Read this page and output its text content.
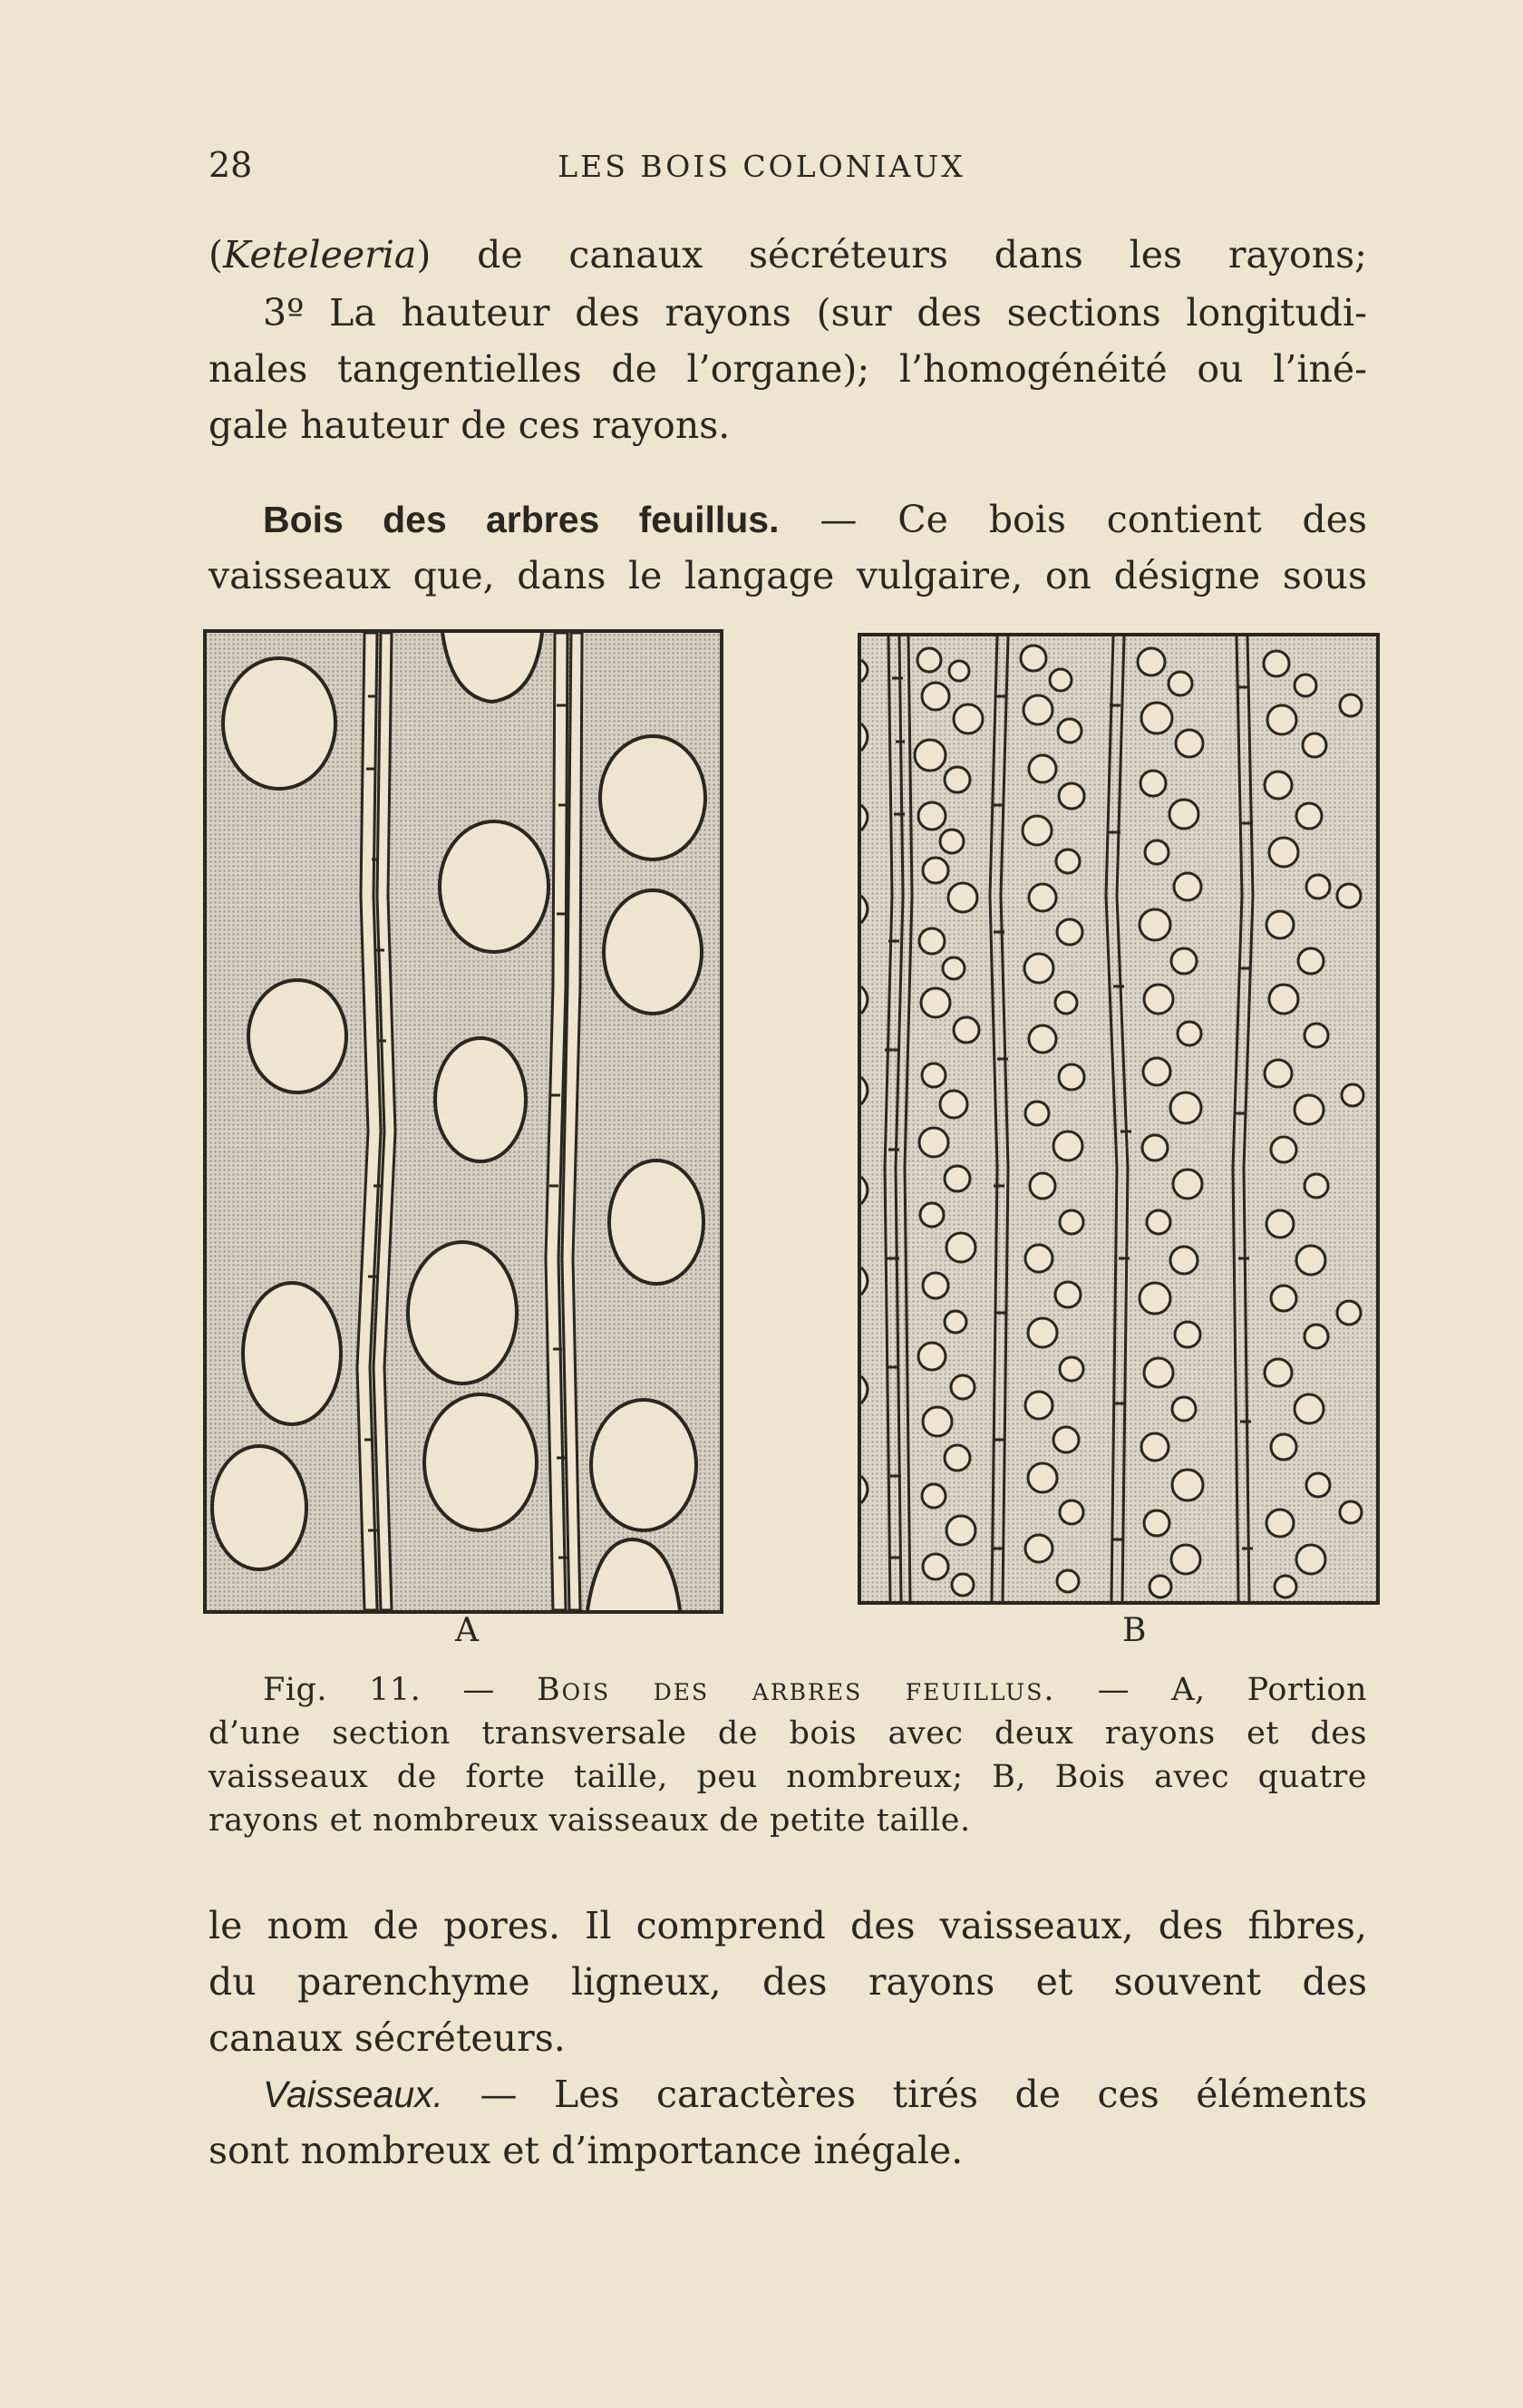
28	LES BOIS COLONIAUX

(Keteleeria) de canaux sécréteurs dans les rayons;

3º La hauteur des rayons (sur des sections longitudi-

nales tangentielles de l’organe); l’homogénéité ou l’iné-

gale hauteur de ces rayons.

Bois des arbres feuillus. — Ce bois contient des

vaisseaux que, dans le langage vulgaire, on désigne sous

A	B
Fig. 11. — Bois des arbres feuillus. — A, Portion
d’une section transversale de bois avec deux rayons et des
vaisseaux de forte taille, peu nombreux; B, Bois avec quatre
rayons et nombreux vaisseaux de petite taille.

le nom de pores. Il comprend des vaisseaux, des fibres,

du parenchyme ligneux, des rayons et souvent des

canaux sécréteurs.

Vaisseaux. — Les caractères tirés de ces éléments

sont nombreux et d’importance inégale.
